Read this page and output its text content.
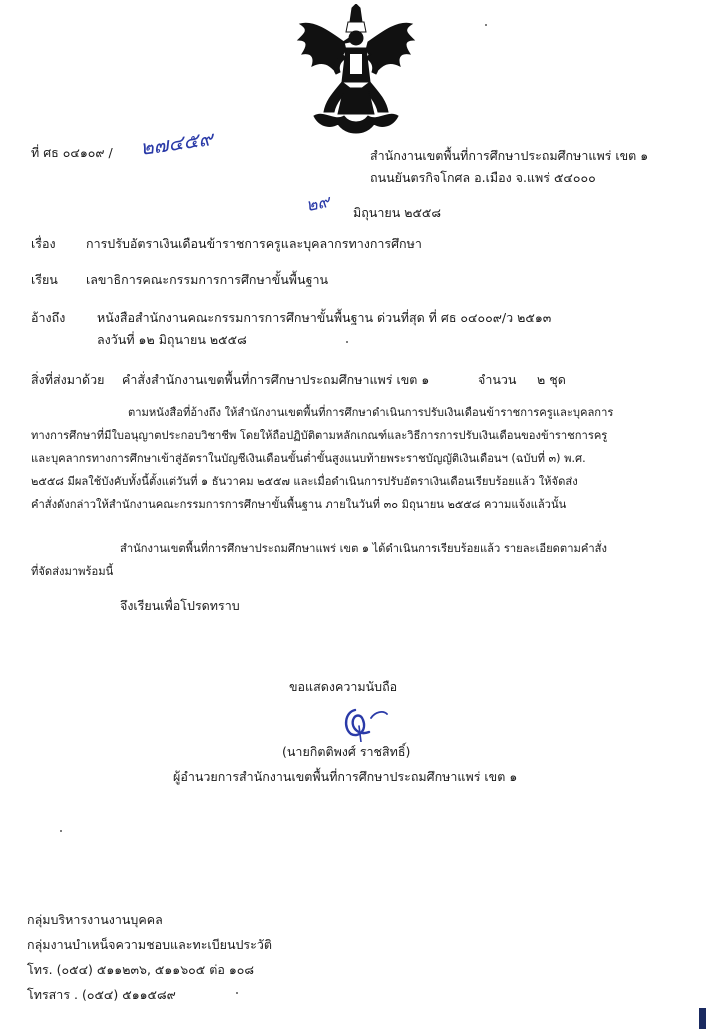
ที่ ศธ ๐๔๑๐๙ / ๒๗๔๕๙	สำนักงานเขตพื้นที่การศึกษาประถมศึกษาแพร่ เขต ๑
ถนนยันตรกิจโกศล อ.เมือง จ.แพร่ ๕๔๐๐๐
๒๙ มิถุนายน ๒๕๕๘
เรื่อง การปรับอัตราเงินเดือนข้าราชการครูและบุคลากรทางการศึกษา
เรียน เลขาธิการคณะกรรมการการศึกษาขั้นพื้นฐาน
อ้างถึง	หนังสือสำนักงานคณะกรรมการการศึกษาขั้นพื้นฐาน ด่วนที่สุด ที่ ศธ ๐๔๐๐๙/ว ๒๕๑๓
ลงวันที่ ๑๒ มิถุนายน ๒๕๕๘
สิ่งที่ส่งมาด้วย คำสั่งสำนักงานเขตพื้นที่การศึกษาประถมศึกษาแพร่ เขต ๑	จำนวน ๒ ชุด
ตามหนังสือที่อ้างถึง ให้สำนักงานเขตพื้นที่การศึกษาดำเนินการปรับเงินเดือนข้าราชการครูและบุคลการ
ทางการศึกษาที่มีใบอนุญาตประกอบวิชาชีพ โดยให้ถือปฏิบัติตามหลักเกณฑ์และวิธีการการปรับเงินเดือนของข้าราชการครู
และบุคลากรทางการศึกษาเข้าสู่อัตราในบัญชีเงินเดือนขั้นต่ำขั้นสูงแนบท้ายพระราชบัญญัติเงินเดือนฯ (ฉบับที่ ๓) พ.ศ.
๒๕๕๘ มีผลใช้บังคับทั้งนี้ตั้งแต่วันที่ ๑ ธันวาคม ๒๕๕๗ และเมื่อดำเนินการปรับอัตราเงินเดือนเรียบร้อยแล้ว ให้จัดส่ง
คำสั่งดังกล่าวให้สำนักงานคณะกรรมการการศึกษาขั้นพื้นฐาน ภายในวันที่ ๓๐ มิถุนายน ๒๕๕๘ ความแจ้งแล้วนั้น
สำนักงานเขตพื้นที่การศึกษาประถมศึกษาแพร่ เขต ๑ ได้ดำเนินการเรียบร้อยแล้ว รายละเอียดตามคำสั่ง
ที่จัดส่งมาพร้อมนี้
จึงเรียนเพื่อโปรดทราบ
ขอแสดงความนับถือ
(นายกิตติพงศ์ ราชสิทธิ์)
ผู้อำนวยการสำนักงานเขตพื้นที่การศึกษาประถมศึกษาแพร่ เขต ๑
กลุ่มบริหารงานงานบุคคล
กลุ่มงานบำเหน็จความชอบและทะเบียนประวัติ
โทร. (๐๕๔) ๕๑๑๒๓๖, ๕๑๑๖๐๕ ต่อ ๑๐๘
โทรสาร . (๐๕๔) ๕๑๑๕๘๙
